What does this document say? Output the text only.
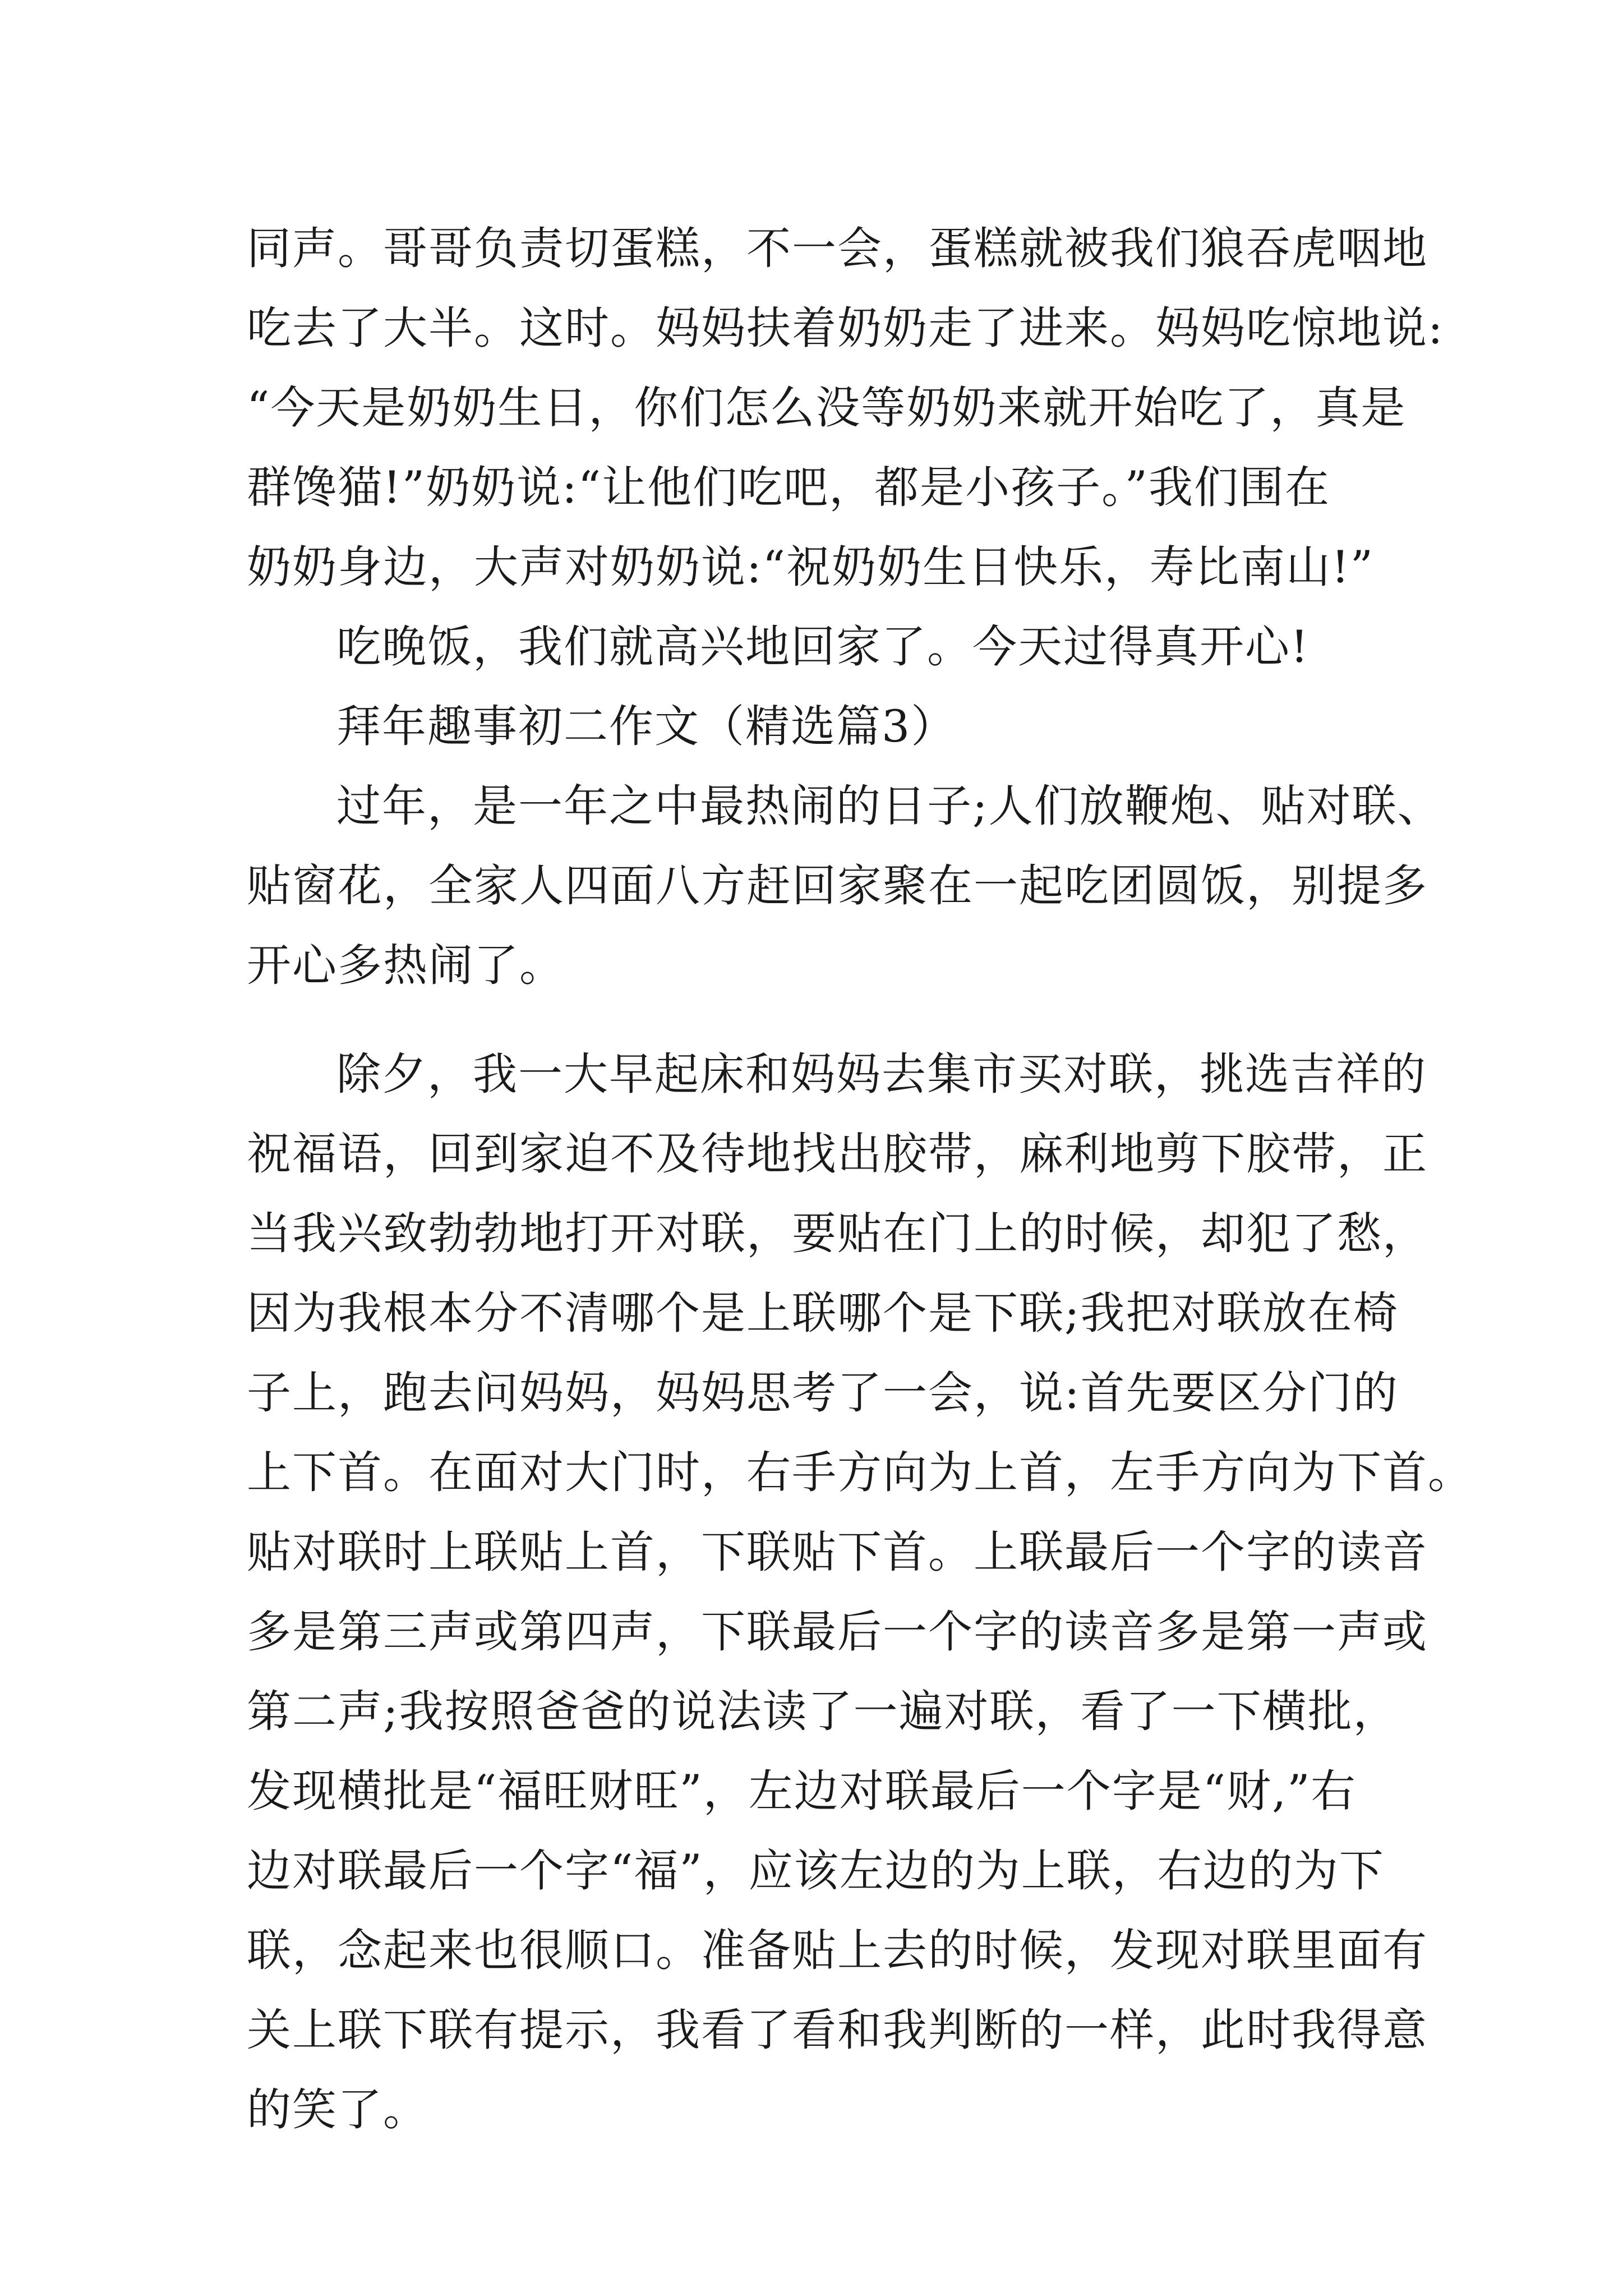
同声。哥哥负责切蛋糕，不一会，蛋糕就被我们狼吞虎咽地
吃去了大半。这时。妈妈扶着奶奶走了进来。妈妈吃惊地说:
“今天是奶奶生日，你们怎么没等奶奶来就开始吃了，真是
群馋猫!”奶奶说:“让他们吃吧，都是小孩子。”我们围在
奶奶身边，大声对奶奶说:“祝奶奶生日快乐，寿比南山!”
吃晚饭，我们就高兴地回家了。今天过得真开心!
拜年趣事初二作文（精选篇3）
过年，是一年之中最热闹的日子;人们放鞭炮、贴对联、
贴窗花，全家人四面八方赶回家聚在一起吃团圆饭，别提多
开心多热闹了。
除夕，我一大早起床和妈妈去集市买对联，挑选吉祥的
祝福语，回到家迫不及待地找出胶带，麻利地剪下胶带，正
当我兴致勃勃地打开对联，要贴在门上的时候，却犯了愁，
因为我根本分不清哪个是上联哪个是下联;我把对联放在椅
子上，跑去问妈妈，妈妈思考了一会，说:首先要区分门的
上下首。在面对大门时，右手方向为上首，左手方向为下首。
贴对联时上联贴上首，下联贴下首。上联最后一个字的读音
多是第三声或第四声，下联最后一个字的读音多是第一声或
第二声;我按照爸爸的说法读了一遍对联，看了一下横批，
发现横批是“福旺财旺”，左边对联最后一个字是“财,”右
边对联最后一个字“福”，应该左边的为上联，右边的为下
联，念起来也很顺口。准备贴上去的时候，发现对联里面有
关上联下联有提示，我看了看和我判断的一样，此时我得意
的笑了。
